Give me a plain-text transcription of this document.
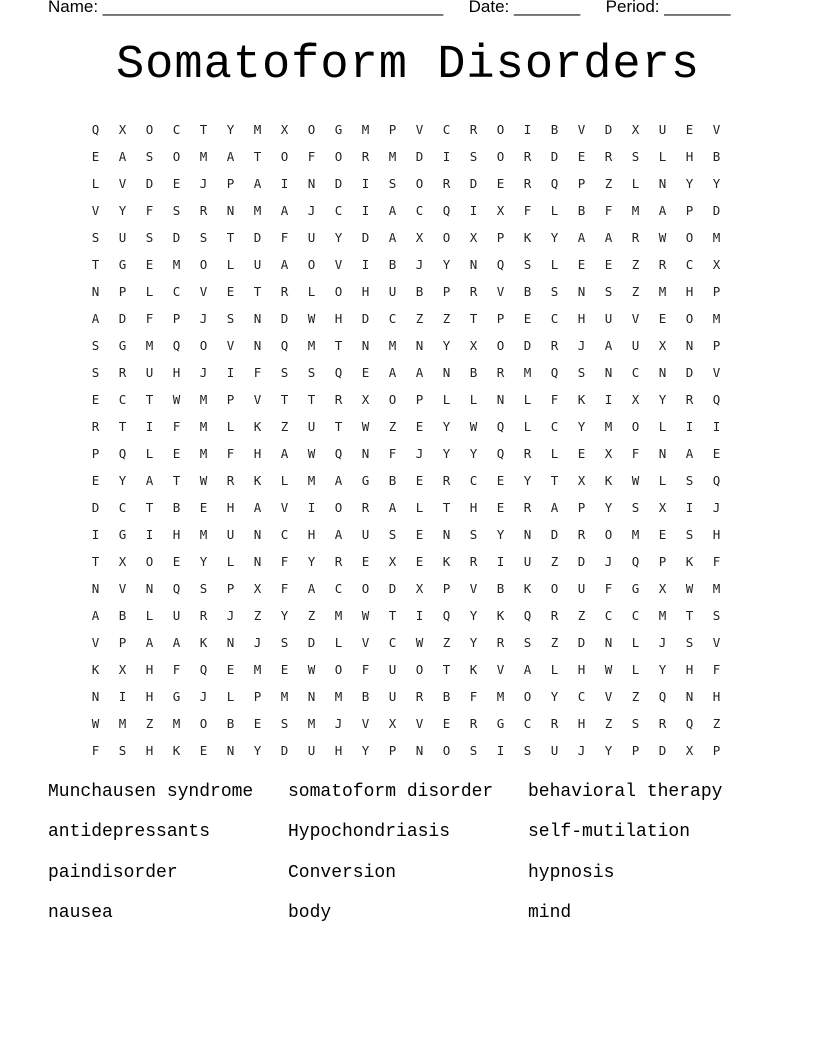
Name: ____________________________________ Date: _______ Period: _______
Somatoform Disorders
Q	X	O	C	T	Y	M	X	O	G	M	P	V	C	R	O	I	B	V	D	X	U	E	V
E	A	S	O	M	A	T	O	F	O	R	M	D	I	S	O	R	D	E	R	S	L	H	B
L	V	D	E	J	P	A	I	N	D	I	S	O	R	D	E	R	Q	P	Z	L	N	Y	Y
V	Y	F	S	R	N	M	A	J	C	I	A	C	Q	I	X	F	L	B	F	M	A	P	D
S	U	S	D	S	T	D	F	U	Y	D	A	X	O	X	P	K	Y	A	A	R	W	O	M
T	G	E	M	O	L	U	A	O	V	I	B	J	Y	N	Q	S	L	E	E	Z	R	C	X
N	P	L	C	V	E	T	R	L	O	H	U	B	P	R	V	B	S	N	S	Z	M	H	P
A	D	F	P	J	S	N	D	W	H	D	C	Z	Z	T	P	E	C	H	U	V	E	O	M
S	G	M	Q	O	V	N	Q	M	T	N	M	N	Y	X	O	D	R	J	A	U	X	N	P
S	R	U	H	J	I	F	S	S	Q	E	A	A	N	B	R	M	Q	S	N	C	N	D	V
E	C	T	W	M	P	V	T	T	R	X	O	P	L	L	N	L	F	K	I	X	Y	R	Q
R	T	I	F	M	L	K	Z	U	T	W	Z	E	Y	W	Q	L	C	Y	M	O	L	I	I
P	Q	L	E	M	F	H	A	W	Q	N	F	J	Y	Y	Q	R	L	E	X	F	N	A	E
E	Y	A	T	W	R	K	L	M	A	G	B	E	R	C	E	Y	T	X	K	W	L	S	Q
D	C	T	B	E	H	A	V	I	O	R	A	L	T	H	E	R	A	P	Y	S	X	I	J
I	G	I	H	M	U	N	C	H	A	U	S	E	N	S	Y	N	D	R	O	M	E	S	H
T	X	O	E	Y	L	N	F	Y	R	E	X	E	K	R	I	U	Z	D	J	Q	P	K	F
N	V	N	Q	S	P	X	F	A	C	O	D	X	P	V	B	K	O	U	F	G	X	W	M
A	B	L	U	R	J	Z	Y	Z	M	W	T	I	Q	Y	K	Q	R	Z	C	C	M	T	S
V	P	A	A	K	N	J	S	D	L	V	C	W	Z	Y	R	S	Z	D	N	L	J	S	V
K	X	H	F	Q	E	M	E	W	O	F	U	O	T	K	V	A	L	H	W	L	Y	H	F
N	I	H	G	J	L	P	M	N	M	B	U	R	B	F	M	O	Y	C	V	Z	Q	N	H
W	M	Z	M	O	B	E	S	M	J	V	X	V	E	R	G	C	R	H	Z	S	R	Q	Z
F	S	H	K	E	N	Y	D	U	H	Y	P	N	O	S	I	S	U	J	Y	P	D	X	P
Munchausen syndrome	somatoform disorder	behavioral therapy
antidepressants	Hypochondriasis	self-mutilation
paindisorder	Conversion	hypnosis
nausea	body	mind
